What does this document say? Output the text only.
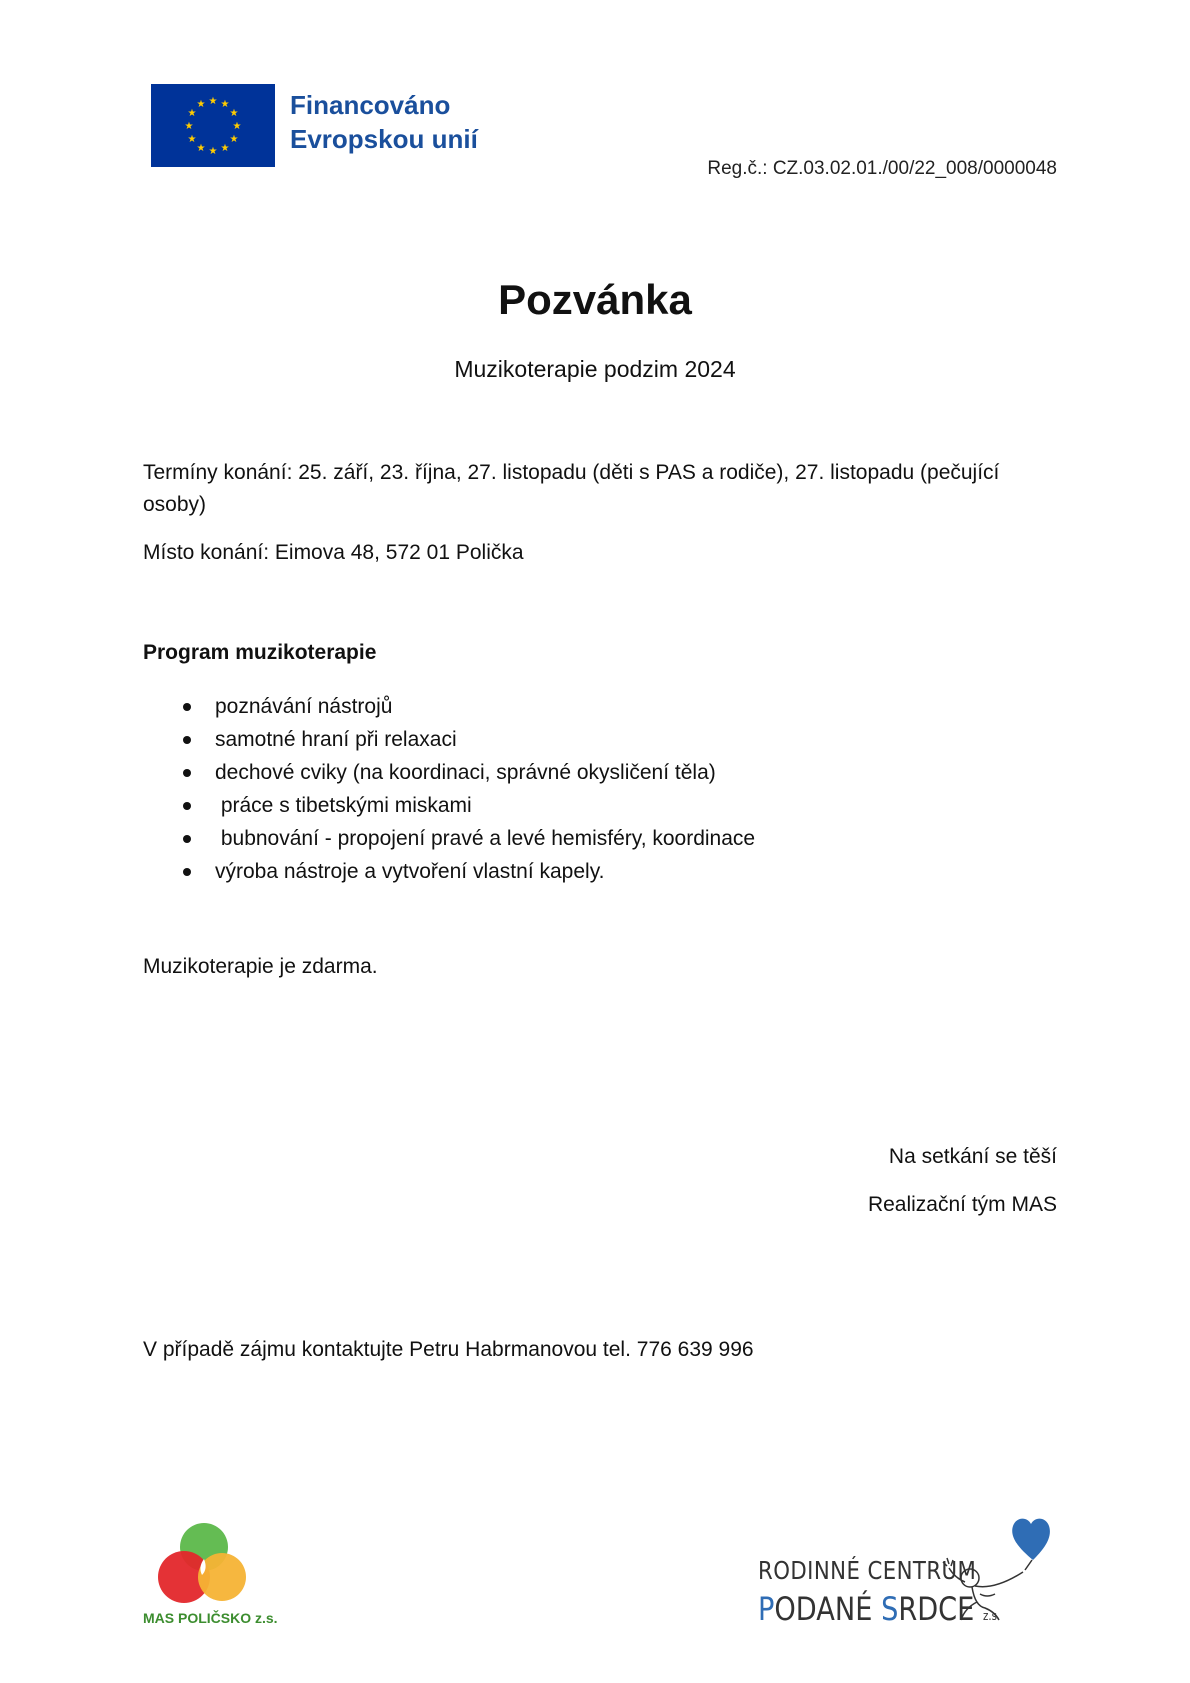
★ ★
★
★
★
★
★
★
★
★
★
★	Financováno
Evropskou unií
Reg.č.: CZ.03.02.01./00/22_008/0000048
Pozvánka
Muzikoterapie podzim 2024
Termíny konání: 25. září, 23. října, 27. listopadu (děti s PAS a rodiče), 27. listopadu (pečující osoby)
Místo konání: Eimova 48, 572 01 Polička
Program muzikoterapie
poznávání nástrojů
samotné hraní při relaxaci
dechové cviky (na koordinaci, správné okysličení těla)
práce s tibetskými miskami
bubnování - propojení pravé a levé hemisféry, koordinace
výroba nástroje a vytvoření vlastní kapely.
Muzikoterapie je zdarma.
Na setkání se těší
Realizační tým MAS
V případě zájmu kontaktujte Petru Habrmanovou tel. 776 639 996
MAS POLIČSKO z.s.
RODINNÉ CENTRUM
PODANÉ SRDCE z.s.
